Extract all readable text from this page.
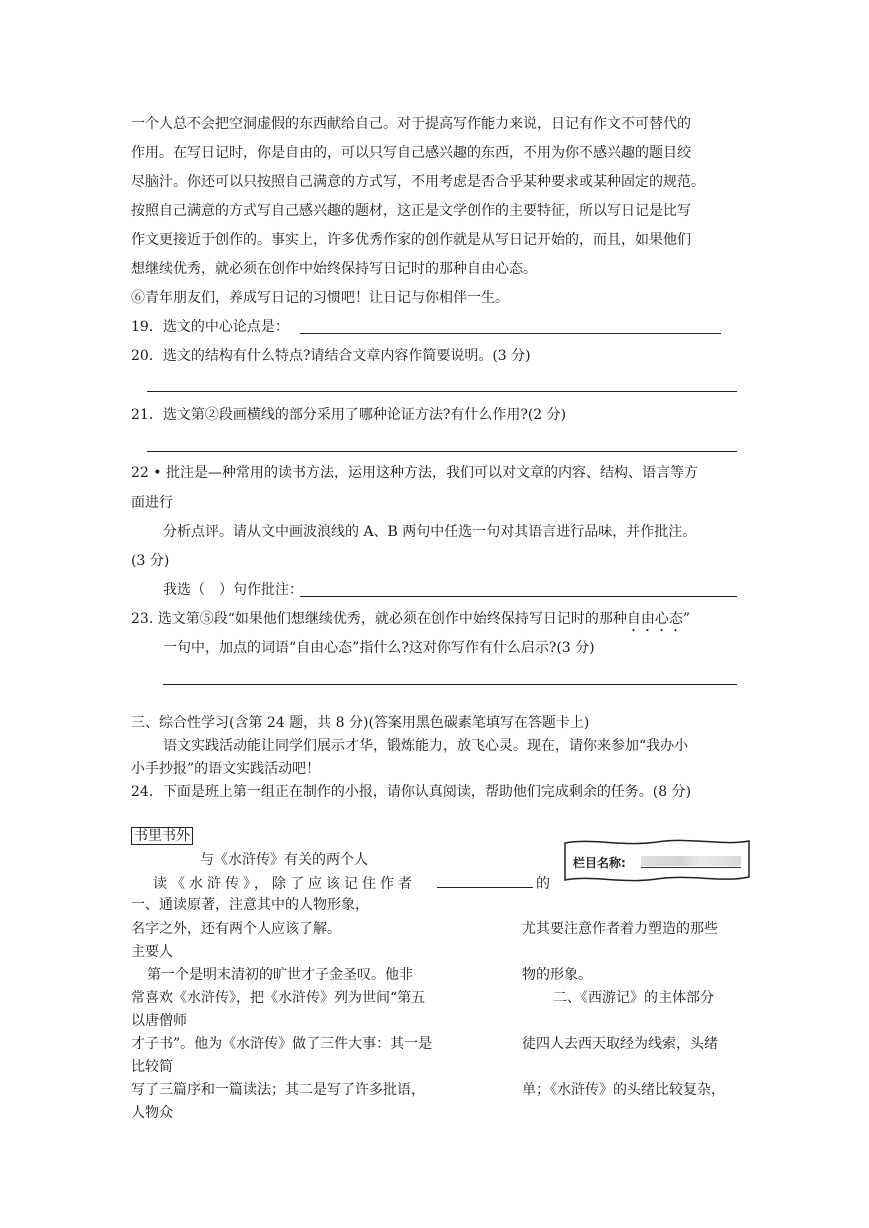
一个人总不会把空洞虚假的东西献给自己。对于提高写作能力来说，日记有作文不可替代的
作用。在写日记时，你是自由的，可以只写自己感兴趣的东西，不用为你不感兴趣的题目绞
尽脑汁。你还可以只按照自己满意的方式写，不用考虑是否合乎某种要求或某种固定的规范。
按照自己满意的方式写自己感兴趣的题材，这正是文学创作的主要特征，所以写日记是比写
作文更接近于创作的。事实上，许多优秀作家的创作就是从写日记开始的，而且，如果他们
想继续优秀，就必须在创作中始终保持写日记时的那种自由心态。
⑥青年朋友们，养成写日记的习惯吧！让日记与你相伴一生。
19．选文的中心论点是：
20．选文的结构有什么特点?请结合文章内容作简要说明。(3 分)
21．选文第②段画横线的部分采用了哪种论证方法?有什么作用?(2 分)
22 • 批注是—种常用的读书方法，运用这种方法，我们可以对文章的内容、结构、语言等方
面进行
分析点评。请从文中画波浪线的 A、B 两句中任选一句对其语言进行品味，并作批注。
(3 分)
我选（　）句作批注：
23. 选文第⑤段“如果他们想继续优秀，就必须在创作中始终保持写日记时的那种自由心态”
一句中，加点的词语“自由心态”指什么?这对你写作有什么启示?(3 分)
三、综合性学习(含第 24 题，共 8 分)(答案用黑色碳素笔填写在答题卡上)
语文实践活动能让同学们展示才华，锻炼能力，放飞心灵。现在，请你来参加“我办小
小手抄报”的语文实践活动吧！
24．下面是班上第一组正在制作的小报，请你认真阅读，帮助他们完成剩余的任务。(8 分)
书里书外
栏目名称:
与《水浒传》有关的两个人
读《水浒传》，除了应该记住作者	的
一、通读原著，注意其中的人物形象，
名字之外，还有两个人应该了解。	尤其要注意作者着力塑造的那些
主要人
第一个是明末清初的旷世才子金圣叹。他非	物的形象。
常喜欢《水浒传》，把《水浒传》列为世间“第五	二、《西游记》的主体部分
以唐僧师
才子书”。他为《水浒传》做了三件大事：其一是	徒四人去西天取经为线索，头绪
比较简
写了三篇序和一篇读法；其二是写了许多批语，	单；《水浒传》的头绪比较复杂，
人物众
